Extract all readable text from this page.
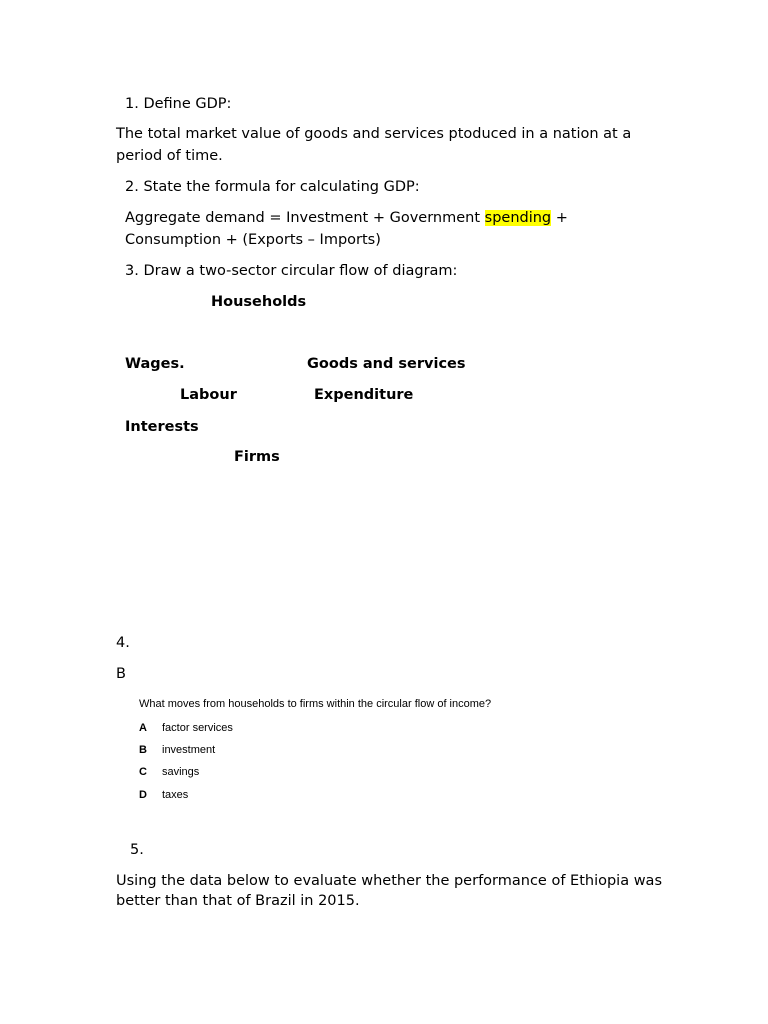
1. Define GDP:
The total market value of goods and services ptoduced in a nation at a
period of time.
2. State the formula for calculating GDP:
Aggregate demand = Investment + Government spending +
Consumption + (Exports – Imports)
3. Draw a two-sector circular flow of diagram:
Households
Wages.	Goods and services
Labour	Expenditure
Interests
Firms
4.
B
What moves from households to firms within the circular flow of income?
A factor services
B investment
C savings
D taxes
5.
Using the data below to evaluate whether the performance of Ethiopia was
better than that of Brazil in 2015.
